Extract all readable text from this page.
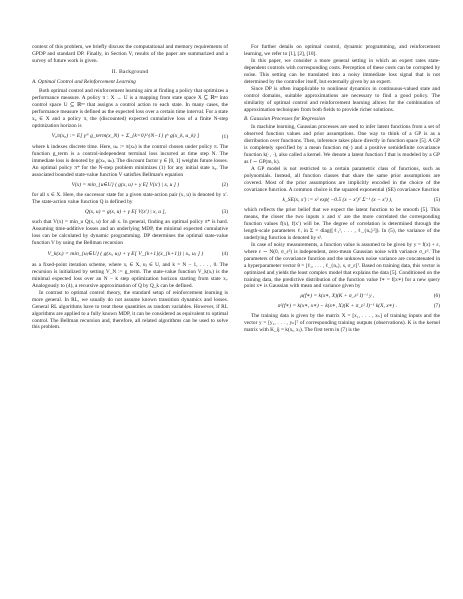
context of this problem, we briefly discuss the computational and memory requirements of GPDP and standard DP. Finally, in Section V, results of the paper are summarized and a survey of future work is given.

II. Background
A. Optimal Control and Reinforcement Learning

Both optimal control and reinforcement learning aim at finding a policy that optimizes a performance measure. A policy π : X → U is a mapping from state space X ⊆ ℝⁿˣ into control space U ⊆ ℝⁿᵘ that assigns a control action to each state. In many cases, the performance measure is defined as the expected loss over a certain time interval. For a state x₀ ∈ X and a policy π, the (discounted) expected cumulative loss of a finite N-step optimization horizon is

V₀π(x₀) := E[ γᴺ g_term(x_N) + Σ_{k=0}^{N−1} γᵏ g(x_k, u_k) ]	(1)

where k indexes discrete time. Here, uₖ := π(xₖ) is the control chosen under policy π. The function g_term is a control-independent terminal loss incurred at time step N. The immediate loss is denoted by g(xₖ, uₖ). The discount factor γ ∈ [0, 1] weights future losses. An optimal policy π* for the N-step problem minimizes (1) for any initial state x₀. The associated bounded state-value function V satisfies Bellman's equation

V(x) = min_{u∈U} ( g(x, u) + γ E[ V(x′) | x, u ] )	(2)

for all x ∈ X. Here, the successor state for a given state-action pair (x, u) is denoted by x′. The state-action value function Q is defined by

Q(x, u) = g(x, u) + γ E[ V(x′) | x, u ],	(3)

such that V(x) = min_u Q(x, u) for all x. In general, finding an optimal policy π* is hard. Assuming time-additive losses and an underlying MDP, the minimal expected cumulative loss can be calculated by dynamic programming. DP determines the optimal state-value function V by using the Bellman recursion

V_k(xᵢ) = min_{uⱼ∈U} ( g(xᵢ, uⱼ) + γ E[ V_{k+1}(x_{k+1}) | xᵢ, uⱼ ] )	(4)

as a fixed-point iteration scheme, where xᵢ ∈ X, uⱼ ∈ U, and k = N − 1, . . . , 0. The recursion is initialized by setting V_N := g_term. The state-value function V_k(xᵢ) is the minimal expected loss over an N − k step optimization horizon starting from state xᵢ. Analogously to (4), a recursive approximation of Q by Q_k can be defined.

In contrast to optimal control theory, the standard setup of reinforcement learning is more general. In RL, we usually do not assume known transition dynamics and losses. General RL algorithms have to treat these quantities as random variables. However, if RL algorithms are applied to a fully known MDP, it can be considered as equivalent to optimal control. The Bellman recursion and, therefore, all related algorithms can be used to solve this problem.

For further details on optimal control, dynamic programming, and reinforcement learning, we refer to [1], [2], [10].

In this paper, we consider a more general setting in which an expert rates state-dependent controls with corresponding costs. Perception of these costs can be corrupted by noise. This setting can be translated into a noisy immediate loss signal that is not determined by the controller itself, but externally given by an expert.

Since DP is often inapplicable to nonlinear dynamics in continuous-valued state and control domains, suitable approximations are necessary to find a good policy. The similarity of optimal control and reinforcement learning allows for the combination of approximation techniques from both fields to provide richer solutions.

B. Gaussian Processes for Regression

In machine learning, Gaussian processes are used to infer latent functions from a set of observed function values and prior assumptions. One way to think of a GP is as a distribution over functions. Then, inference takes place directly in function space [5]. A GP is completely specified by a mean function m(·) and a positive semidefinite covariance function k(·, ·), also called a kernel. We denote a latent function f that is modeled by a GP as f ∼ GP(m, k).

A GP model is not restricted to a certain parametric class of functions, such as polynomials. Instead, all function classes that share the same prior assumptions are covered. Most of the prior assumptions are implicitly encoded in the choice of the covariance function. A common choice is the squared exponential (SE) covariance function

k_SE(x, x′) := s² exp( −0.5 (x − x′)ᵀ Σ⁻¹ (x − x′) ),	(5)

which reflects the prior belief that we expect the latent function to be smooth [5]. This means, the closer the two inputs x and x′ are the more correlated the corresponding function values f(x), f(x′) will be. The degree of correlation is determined through the length-scale parameters ℓᵢ in Σ = diag([ℓ₁², . . . , ℓ_{nₓ}²]). In (5), the variance of the underlying function is denoted by s².

In case of noisy measurements, a function value is assumed to be given by y = f(x) + ε, where ε ∼ N(0, σ_ε²) is independent, zero-mean Gaussian noise with variance σ_ε². The parameters of the covariance function and the unknown noise variance are concatenated in a hyperparameter vector θ = [ℓ₁, . . . , ℓ_{nₓ}, s, σ_ε]ᵀ. Based on training data, this vector is optimized and yields the least complex model that explains the data [5]. Conditioned on the training data, the predictive distribution of the function value f∗ = f(x∗) for a new query point x∗ is Gaussian with mean and variance given by

μ(f∗) = k(x∗, X)(K + σ_ε² I)⁻¹ y ,	(6)
σ²(f∗) = k(x∗, x∗) − k(x∗, X)(K + σ_ε² I)⁻¹ k(X, x∗) .	(7)

The training data is given by the matrix X = [x₁, . . . , xₙ] of training inputs and the vector y = [y₁, . . . , yₙ]ᵀ of corresponding training outputs (observations). K is the kernel matrix with K_ij = k(xᵢ, xⱼ). The first term in (7) is the
